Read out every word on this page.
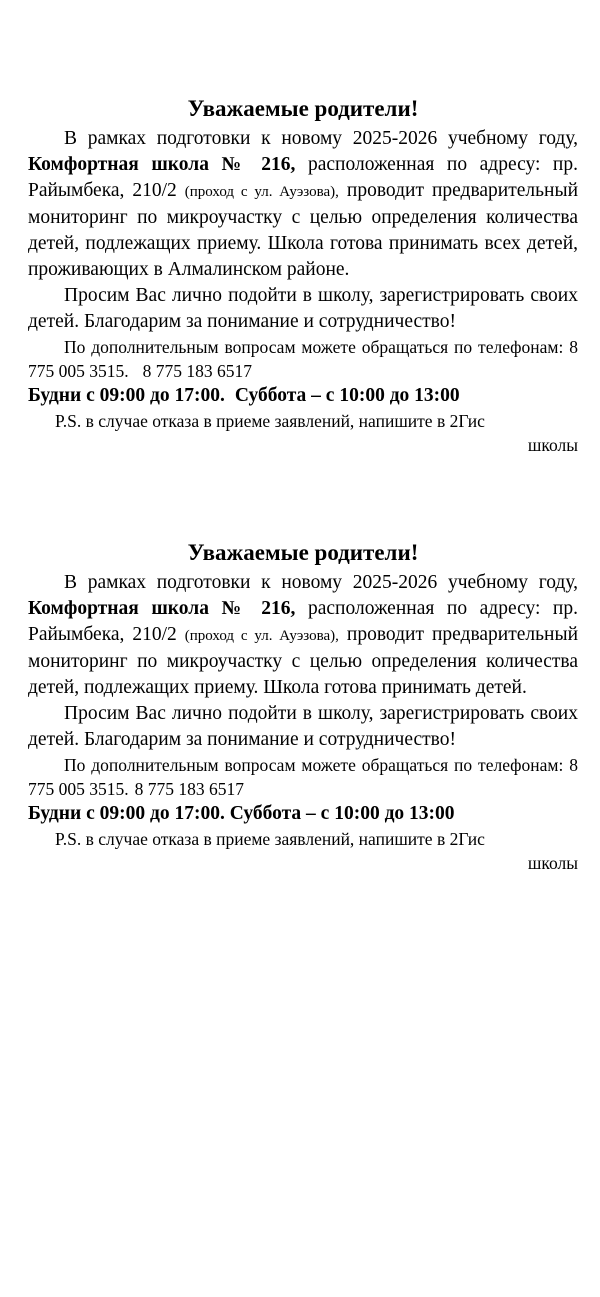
Уважаемые родители!

В рамках подготовки к новому 2025-2026 учебному году, Комфортная школа № 216, расположенная по адресу: пр. Райымбека, 210/2 (проход с ул. Ауэзова), проводит предварительный мониторинг по микроучастку с целью определения количества детей, подлежащих приему. Школа готова принимать всех детей, проживающих в Алмалинском районе.

Просим Вас лично подойти в школу, зарегистрировать своих детей. Благодарим за понимание и сотрудничество!

По дополнительным вопросам можете обращаться по телефонам: 8 775 005 3515. 8 775 183 6517

Будни с 09:00 до 17:00. Суббота – с 10:00 до 13:00

P.S. в случае отказа в приеме заявлений, напишите в 2Гис
школы

Уважаемые родители!

В рамках подготовки к новому 2025-2026 учебному году, Комфортная школа № 216, расположенная по адресу: пр. Райымбека, 210/2 (проход с ул. Ауэзова), проводит предварительный мониторинг по микроучастку с целью определения количества детей, подлежащих приему. Школа готова принимать детей.

Просим Вас лично подойти в школу, зарегистрировать своих детей. Благодарим за понимание и сотрудничество!

По дополнительным вопросам можете обращаться по телефонам: 8 775 005 3515. 8 775 183 6517

Будни с 09:00 до 17:00. Суббота – с 10:00 до 13:00

P.S. в случае отказа в приеме заявлений, напишите в 2Гис
школы
